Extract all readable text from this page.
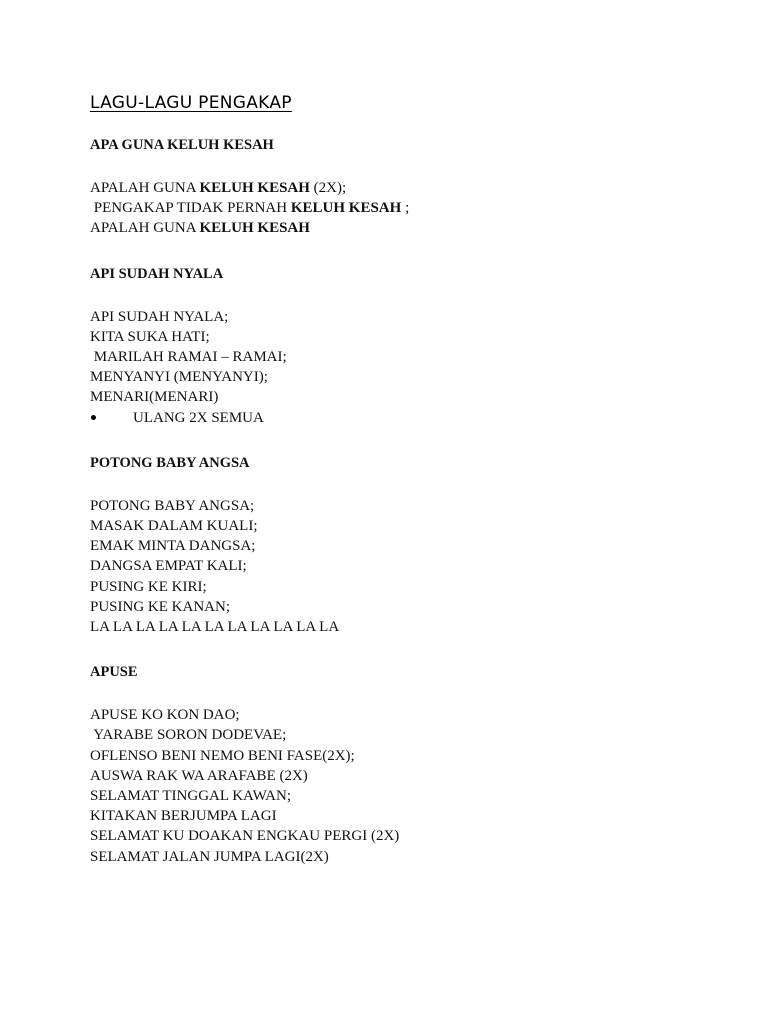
LAGU-LAGU PENGAKAP
APA GUNA KELUH KESAH
APALAH GUNA KELUH KESAH (2X);
PENGAKAP TIDAK PERNAH KELUH KESAH ;
APALAH GUNA KELUH KESAH
API SUDAH NYALA
API SUDAH NYALA;
KITA SUKA HATI;
MARILAH RAMAI – RAMAI;
MENYANYI (MENYANYI);
MENARI(MENARI)
ULANG 2X SEMUA
POTONG BABY ANGSA
POTONG BABY ANGSA;
MASAK DALAM KUALI;
EMAK MINTA DANGSA;
DANGSA EMPAT KALI;
PUSING KE KIRI;
PUSING KE KANAN;
LA LA LA LA LA LA LA LA LA LA LA
APUSE
APUSE KO KON DAO;
YARABE SORON DODEVAE;
OFLENSO BENI NEMO BENI FASE(2X);
AUSWA RAK WA ARAFABE (2X)
SELAMAT TINGGAL KAWAN;
KITAKAN BERJUMPA LAGI
SELAMAT KU DOAKAN ENGKAU PERGI (2X)
SELAMAT JALAN JUMPA LAGI(2X)
